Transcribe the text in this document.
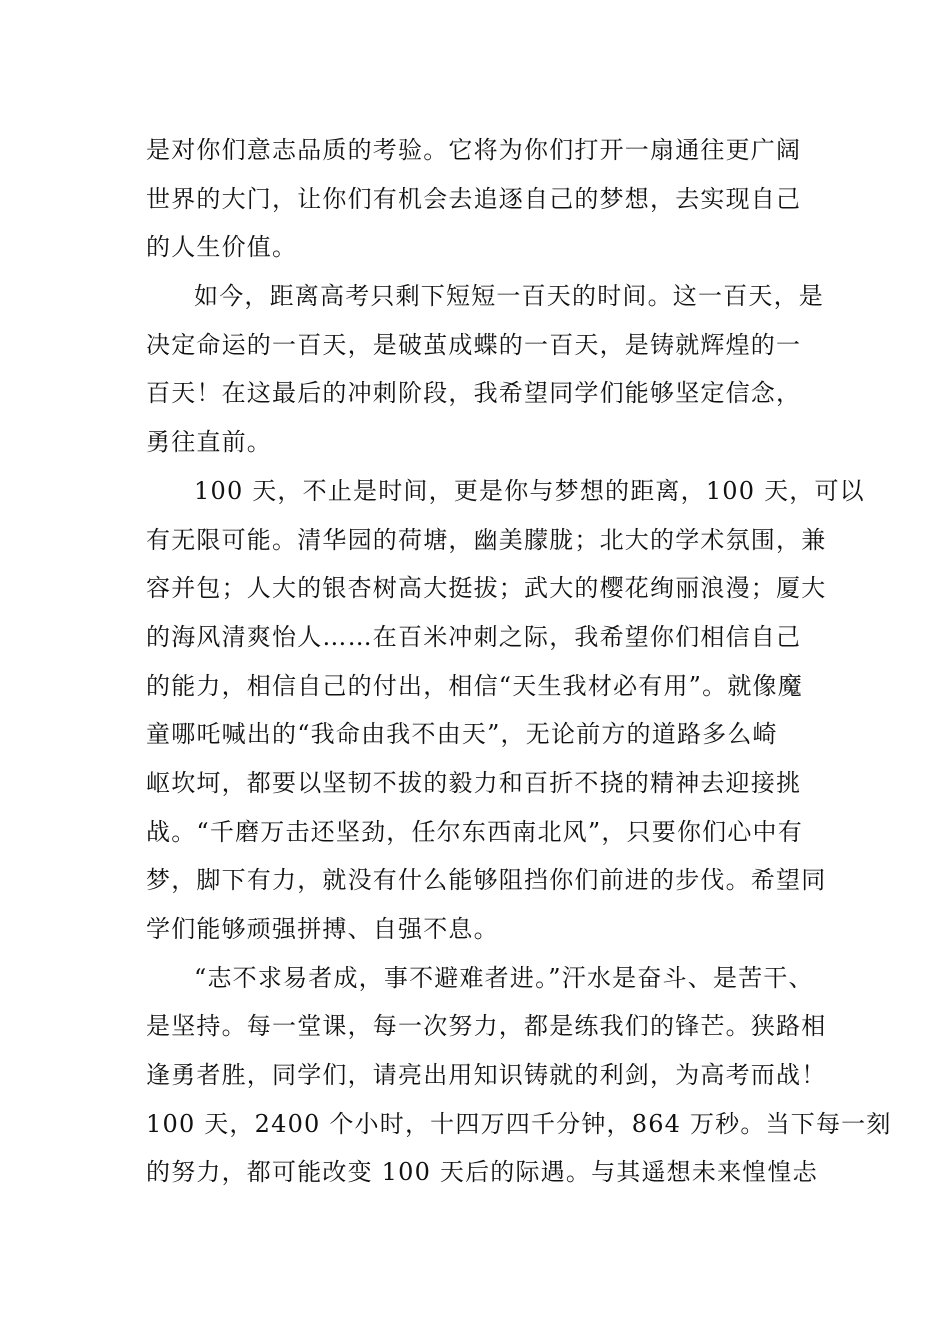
是对你们意志品质的考验。它将为你们打开一扇通往更广阔
世界的大门，让你们有机会去追逐自己的梦想，去实现自己
的人生价值。
如今，距离高考只剩下短短一百天的时间。这一百天，是
决定命运的一百天，是破茧成蝶的一百天，是铸就辉煌的一
百天！在这最后的冲刺阶段，我希望同学们能够坚定信念，
勇往直前。
100 天，不止是时间，更是你与梦想的距离，100 天，可以
有无限可能。清华园的荷塘，幽美朦胧；北大的学术氛围，兼
容并包；人大的银杏树高大挺拔；武大的樱花绚丽浪漫；厦大
的海风清爽怡人……在百米冲刺之际，我希望你们相信自己
的能力，相信自己的付出，相信“天生我材必有用”。就像魔
童哪吒喊出的“我命由我不由天”，无论前方的道路多么崎
岖坎坷，都要以坚韧不拔的毅力和百折不挠的精神去迎接挑
战。“千磨万击还坚劲，任尔东西南北风”，只要你们心中有
梦，脚下有力，就没有什么能够阻挡你们前进的步伐。希望同
学们能够顽强拼搏、自强不息。
“志不求易者成，事不避难者进。”汗水是奋斗、是苦干、
是坚持。每一堂课，每一次努力，都是练我们的锋芒。狭路相
逢勇者胜，同学们，请亮出用知识铸就的利剑，为高考而战！
100 天，2400 个小时，十四万四千分钟，864 万秒。当下每一刻
的努力，都可能改变 100 天后的际遇。与其遥想未来惶惶忐
